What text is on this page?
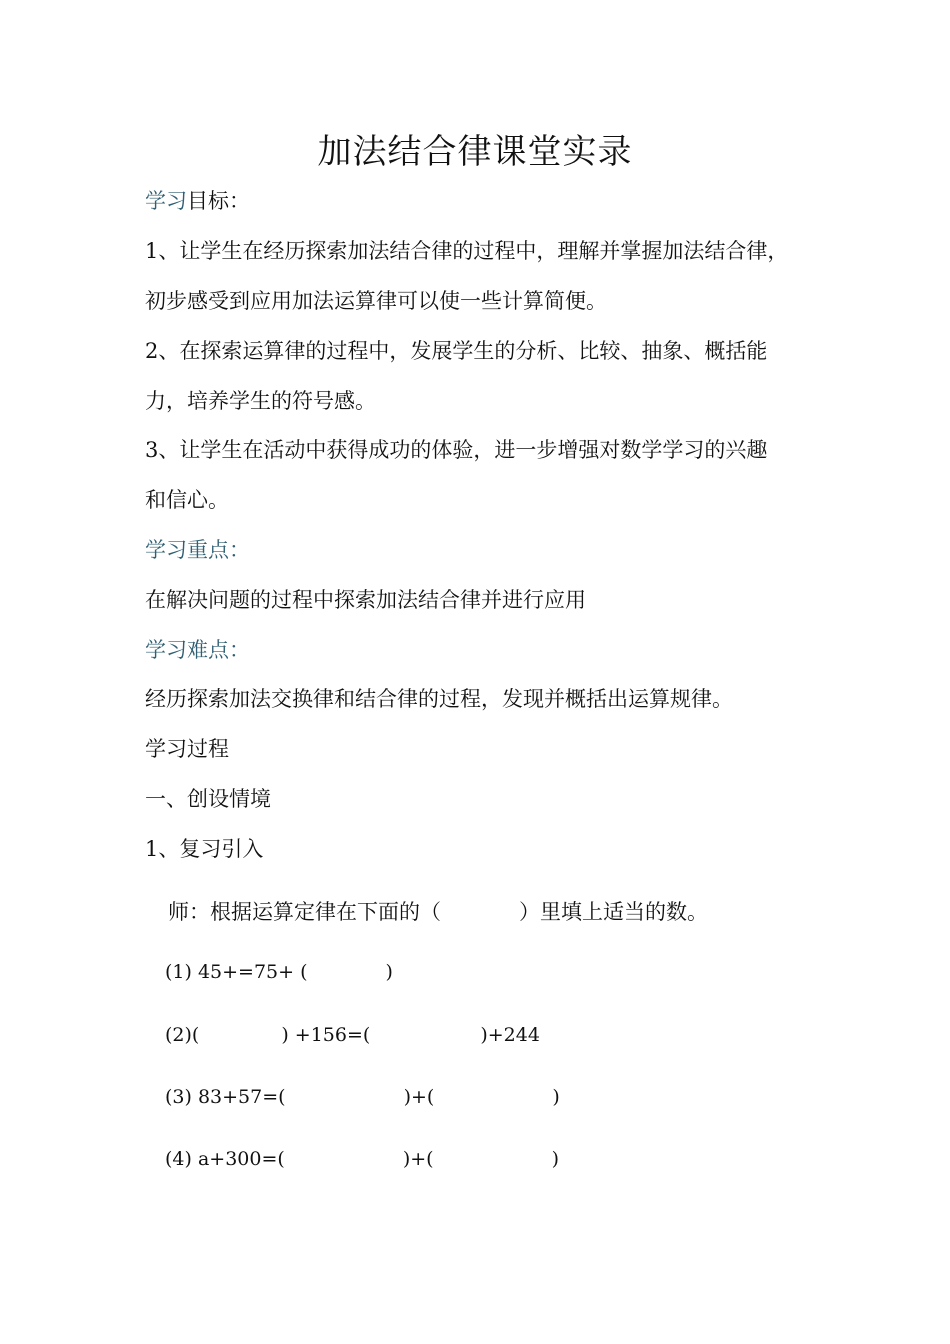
加法结合律课堂实录
学习目标：
1、让学生在经历探索加法结合律的过程中，理解并掌握加法结合律，
初步感受到应用加法运算律可以使一些计算简便。
2、在探索运算律的过程中，发展学生的分析、比较、抽象、概括能
力，培养学生的符号感。
3、让学生在活动中获得成功的体验，进一步增强对数学学习的兴趣
和信心。
学习重点：
在解决问题的过程中探索加法结合律并进行应用
学习难点：
经历探索加法交换律和结合律的过程，发现并概括出运算规律。
学习过程
一、创设情境
1、复习引入
师：根据运算定律在下面的（	）里填上适当的数。
(1) 45+=75+ (	)
(2)(	) +156=(	)+244
(3) 83+57=(	)+(	)
(4) a+300=(	)+(	)
